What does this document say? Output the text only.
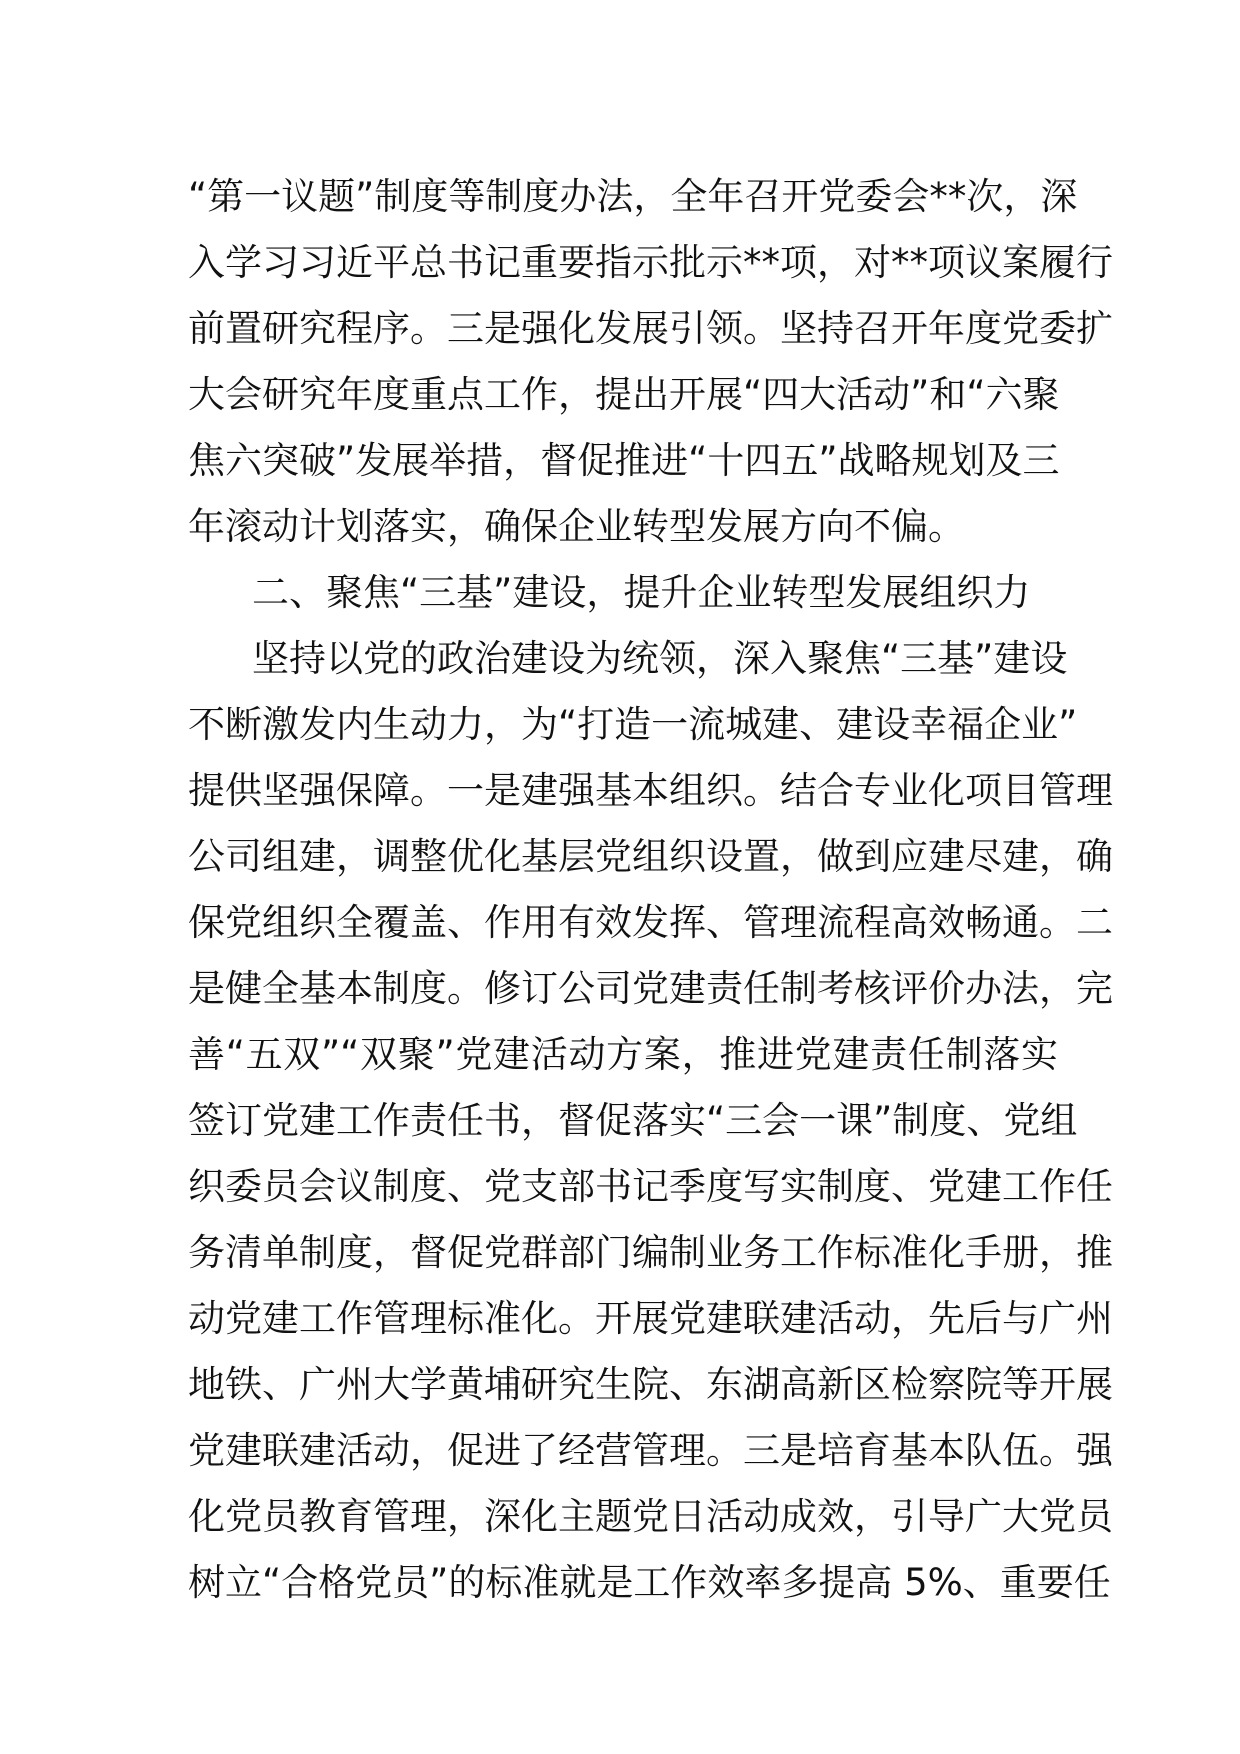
“第一议题”制度等制度办法，全年召开党委会**次，深
入学习习近平总书记重要指示批示**项，对**项议案履行
前置研究程序。三是强化发展引领。坚持召开年度党委扩
大会研究年度重点工作，提出开展“四大活动”和“六聚
焦六突破”发展举措，督促推进“十四五”战略规划及三
年滚动计划落实，确保企业转型发展方向不偏。
二、聚焦“三基”建设，提升企业转型发展组织力
坚持以党的政治建设为统领，深入聚焦“三基”建设
不断激发内生动力，为“打造一流城建、建设幸福企业”
提供坚强保障。一是建强基本组织。结合专业化项目管理
公司组建，调整优化基层党组织设置，做到应建尽建，确
保党组织全覆盖、作用有效发挥、管理流程高效畅通。二
是健全基本制度。修订公司党建责任制考核评价办法，完
善“五双”“双聚”党建活动方案，推进党建责任制落实
签订党建工作责任书，督促落实“三会一课”制度、党组
织委员会议制度、党支部书记季度写实制度、党建工作任
务清单制度，督促党群部门编制业务工作标准化手册，推
动党建工作管理标准化。开展党建联建活动，先后与广州
地铁、广州大学黄埔研究生院、东湖高新区检察院等开展
党建联建活动，促进了经营管理。三是培育基本队伍。强
化党员教育管理，深化主题党日活动成效，引导广大党员
树立“合格党员”的标准就是工作效率多提高 5%、重要任
